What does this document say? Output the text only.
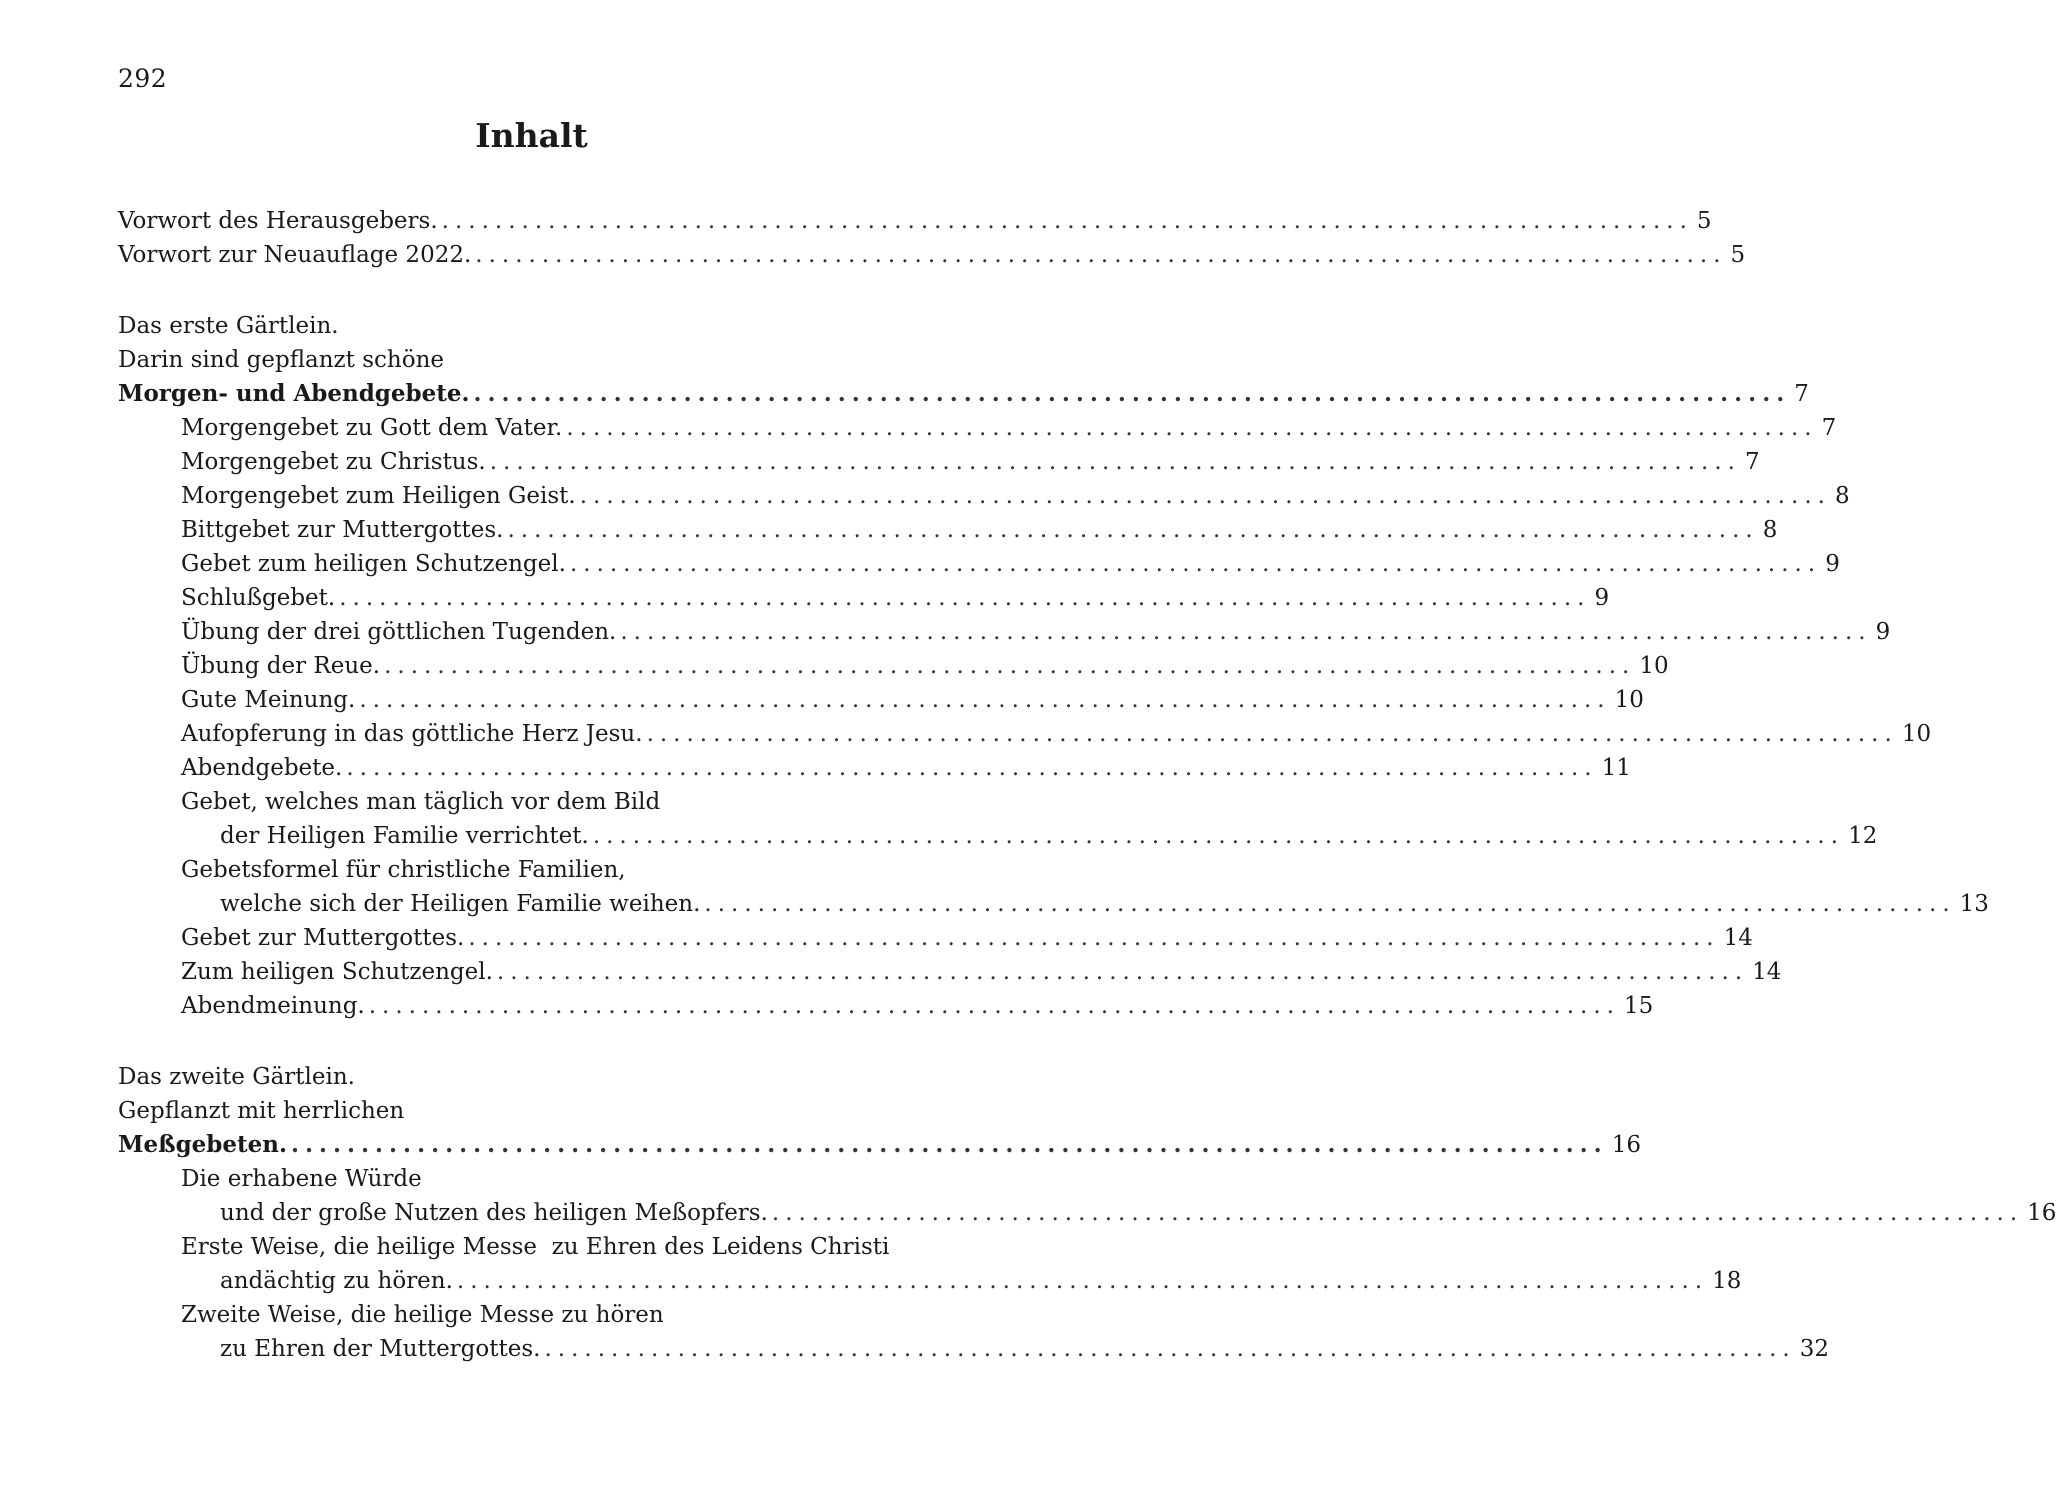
292
Inhalt
Vorwort des Herausgebers. .............................................................................................. 5
Vorwort zur Neuauflage 2022. .............................................................................................. 5
Das erste Gärtlein.
Darin sind gepflanzt schöne
Morgen- und Abendgebete. .............................................................................................. 7
Morgengebet zu Gott dem Vater. .............................................................................................. 7
Morgengebet zu Christus. .............................................................................................. 7
Morgengebet zum Heiligen Geist. .............................................................................................. 8
Bittgebet zur Muttergottes. .............................................................................................. 8
Gebet zum heiligen Schutzengel. .............................................................................................. 9
Schlußgebet. .............................................................................................. 9
Übung der drei göttlichen Tugenden. .............................................................................................. 9
Übung der Reue. .............................................................................................. 10
Gute Meinung. .............................................................................................. 10
Aufopferung in das göttliche Herz Jesu. .............................................................................................. 10
Abendgebete. .............................................................................................. 11
Gebet, welches man täglich vor dem Bild
der Heiligen Familie verrichtet. .............................................................................................. 12
Gebetsformel für christliche Familien,
welche sich der Heiligen Familie weihen. .............................................................................................. 13
Gebet zur Muttergottes. .............................................................................................. 14
Zum heiligen Schutzengel. .............................................................................................. 14
Abendmeinung. .............................................................................................. 15
Das zweite Gärtlein.
Gepflanzt mit herrlichen
Meßgebeten. .............................................................................................. 16
Die erhabene Würde
und der große Nutzen des heiligen Meßopfers. .............................................................................................. 16
Erste Weise, die heilige Messe  zu Ehren des Leidens Christi
andächtig zu hören. .............................................................................................. 18
Zweite Weise, die heilige Messe zu hören
zu Ehren der Muttergottes. .............................................................................................. 32
